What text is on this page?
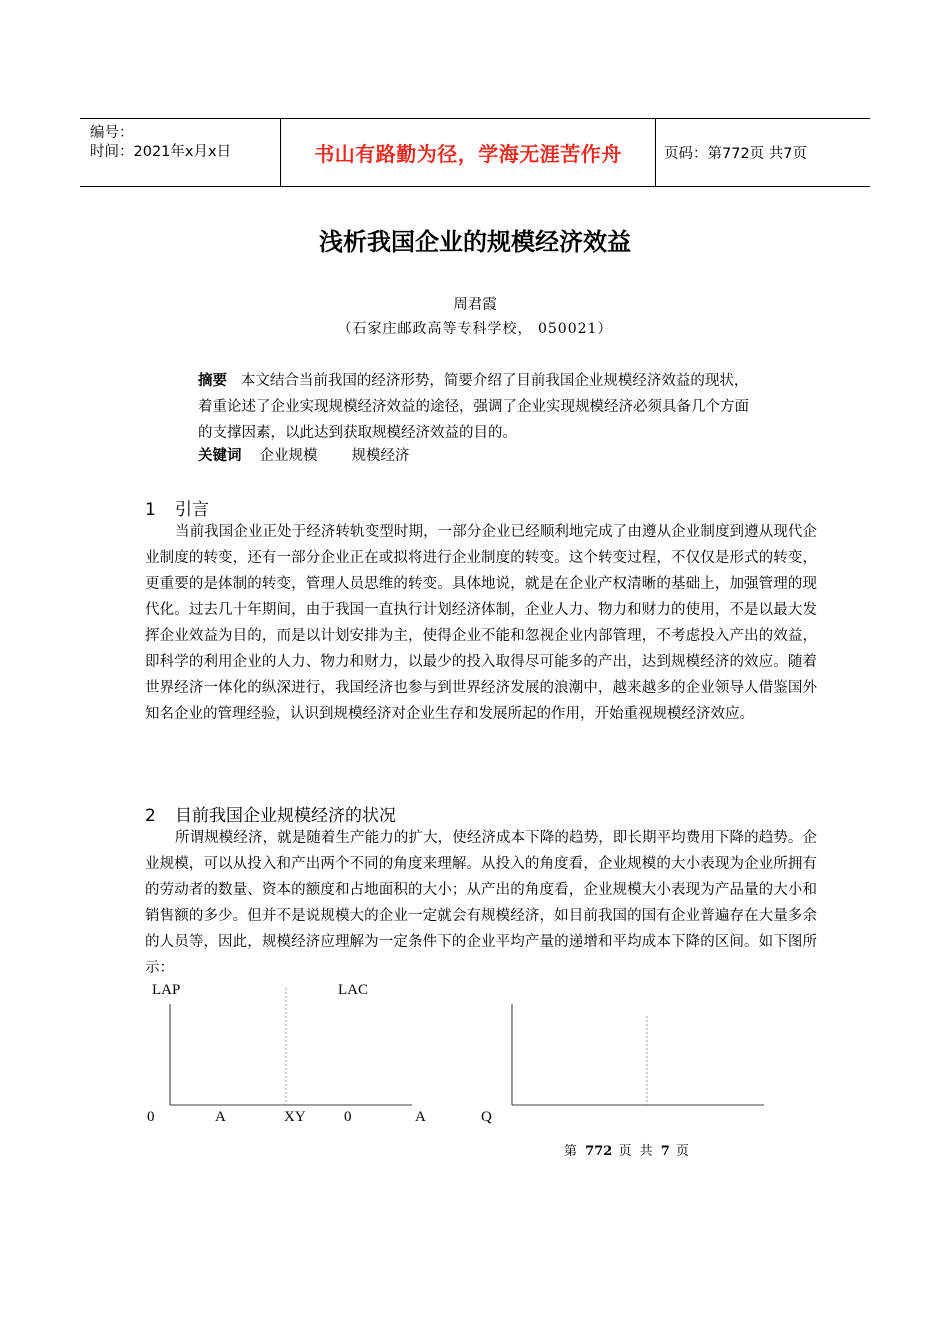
编号：
时间：2021年x月x日	书山有路勤为径，学海无涯苦作舟	页码：第772页 共7页
浅析我国企业的规模经济效益
周君霞
（石家庄邮政高等专科学校， 050021）
摘要 本文结合当前我国的经济形势，简要介绍了目前我国企业规模经济效益的现状，着重论述了企业实现规模经济效益的途径，强调了企业实现规模经济必须具备几个方面的支撑因素，以此达到获取规模经济效益的目的。
关键词 企业规模 规模经济
1 引言
当前我国企业正处于经济转轨变型时期，一部分企业已经顺利地完成了由遵从企业制度到遵从现代企业制度的转变，还有一部分企业正在或拟将进行企业制度的转变。这个转变过程，不仅仅是形式的转变，更重要的是体制的转变，管理人员思维的转变。具体地说，就是在企业产权清晰的基础上，加强管理的现代化。过去几十年期间，由于我国一直执行计划经济体制，企业人力、物力和财力的使用，不是以最大发挥企业效益为目的，而是以计划安排为主，使得企业不能和忽视企业内部管理，不考虑投入产出的效益，即科学的利用企业的人力、物力和财力，以最少的投入取得尽可能多的产出，达到规模经济的效应。随着世界经济一体化的纵深进行，我国经济也参与到世界经济发展的浪潮中，越来越多的企业领导人借鉴国外知名企业的管理经验，认识到规模经济对企业生存和发展所起的作用，开始重视规模经济效应。
2 目前我国企业规模经济的状况
所谓规模经济，就是随着生产能力的扩大，使经济成本下降的趋势，即长期平均费用下降的趋势。企业规模，可以从投入和产出两个不同的角度来理解。从投入的角度看，企业规模的大小表现为企业所拥有的劳动者的数量、资本的额度和占地面积的大小；从产出的角度看，企业规模大小表现为产品量的大小和销售额的多少。但并不是说规模大的企业一定就会有规模经济，如目前我国的国有企业普遍存在大量多余的人员等，因此，规模经济应理解为一定条件下的企业平均产量的递增和平均成本下降的区间。如下图所示：
LAP	LAC
0	A	XY	0	A	Q
第 772 页 共 7 页
